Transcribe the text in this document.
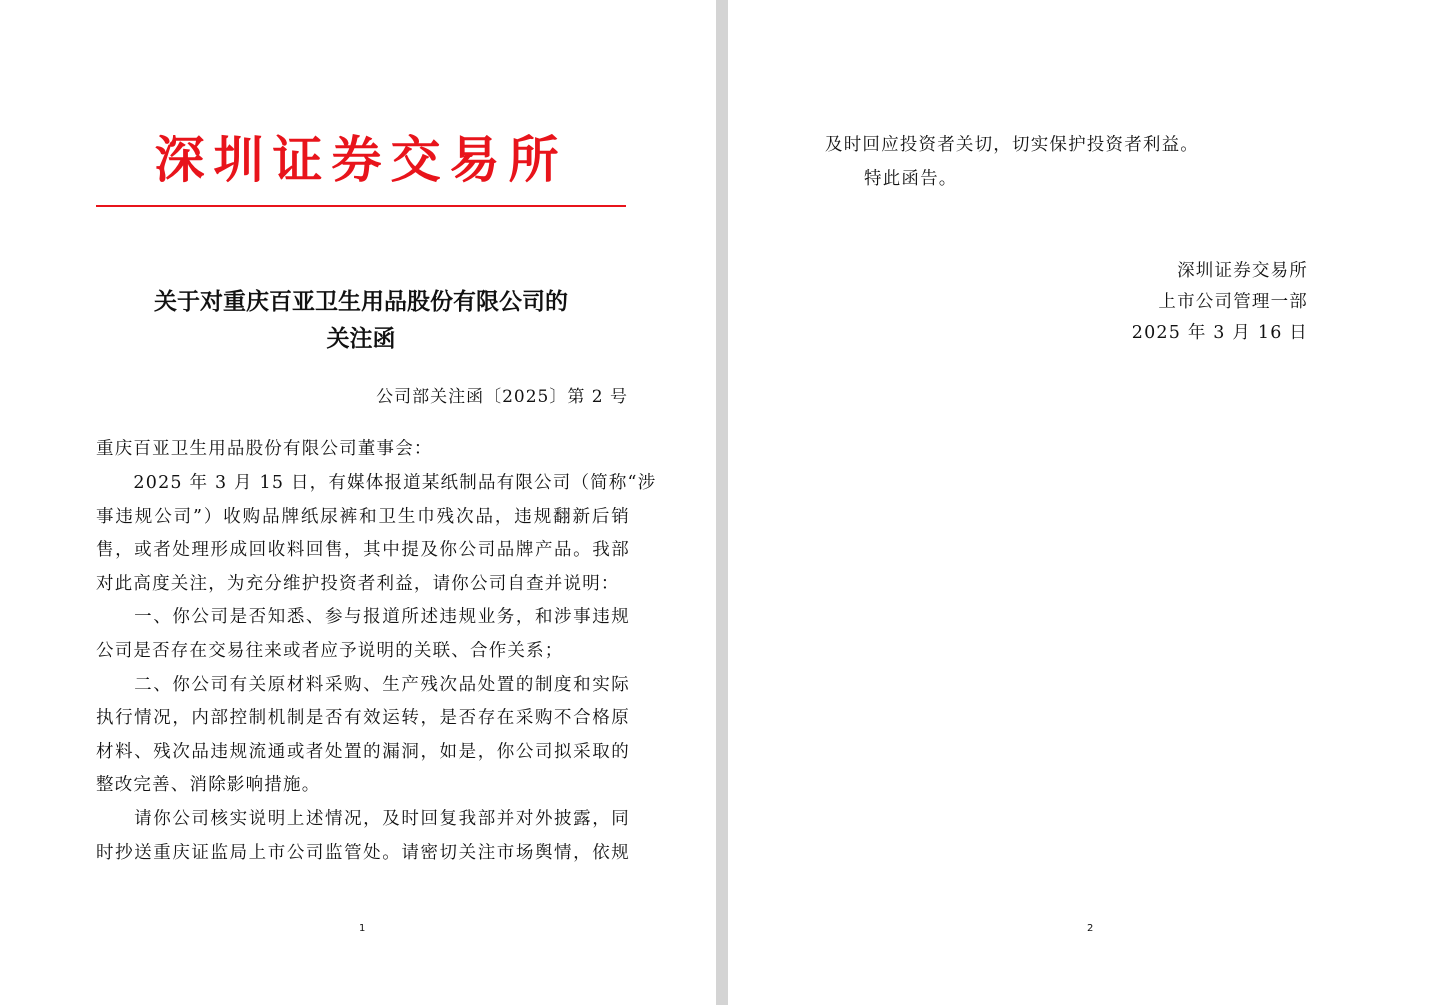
深圳证券交易所
关于对重庆百亚卫生用品股份有限公司的
关注函
公司部关注函〔2025〕第 2 号
重庆百亚卫生用品股份有限公司董事会：
　　2025 年 3 月 15 日，有媒体报道某纸制品有限公司（简称“涉
事违规公司”）收购品牌纸尿裤和卫生巾残次品，违规翻新后销
售，或者处理形成回收料回售，其中提及你公司品牌产品。我部
对此高度关注，为充分维护投资者利益，请你公司自查并说明：
　　一、你公司是否知悉、参与报道所述违规业务，和涉事违规
公司是否存在交易往来或者应予说明的关联、合作关系；
　　二、你公司有关原材料采购、生产残次品处置的制度和实际
执行情况，内部控制机制是否有效运转，是否存在采购不合格原
材料、残次品违规流通或者处置的漏洞，如是，你公司拟采取的
整改完善、消除影响措施。
　　请你公司核实说明上述情况，及时回复我部并对外披露，同
时抄送重庆证监局上市公司监管处。请密切关注市场舆情，依规
1
及时回应投资者关切，切实保护投资者利益。
特此函告。
深圳证券交易所
上市公司管理一部
2025 年 3 月 16 日
2
